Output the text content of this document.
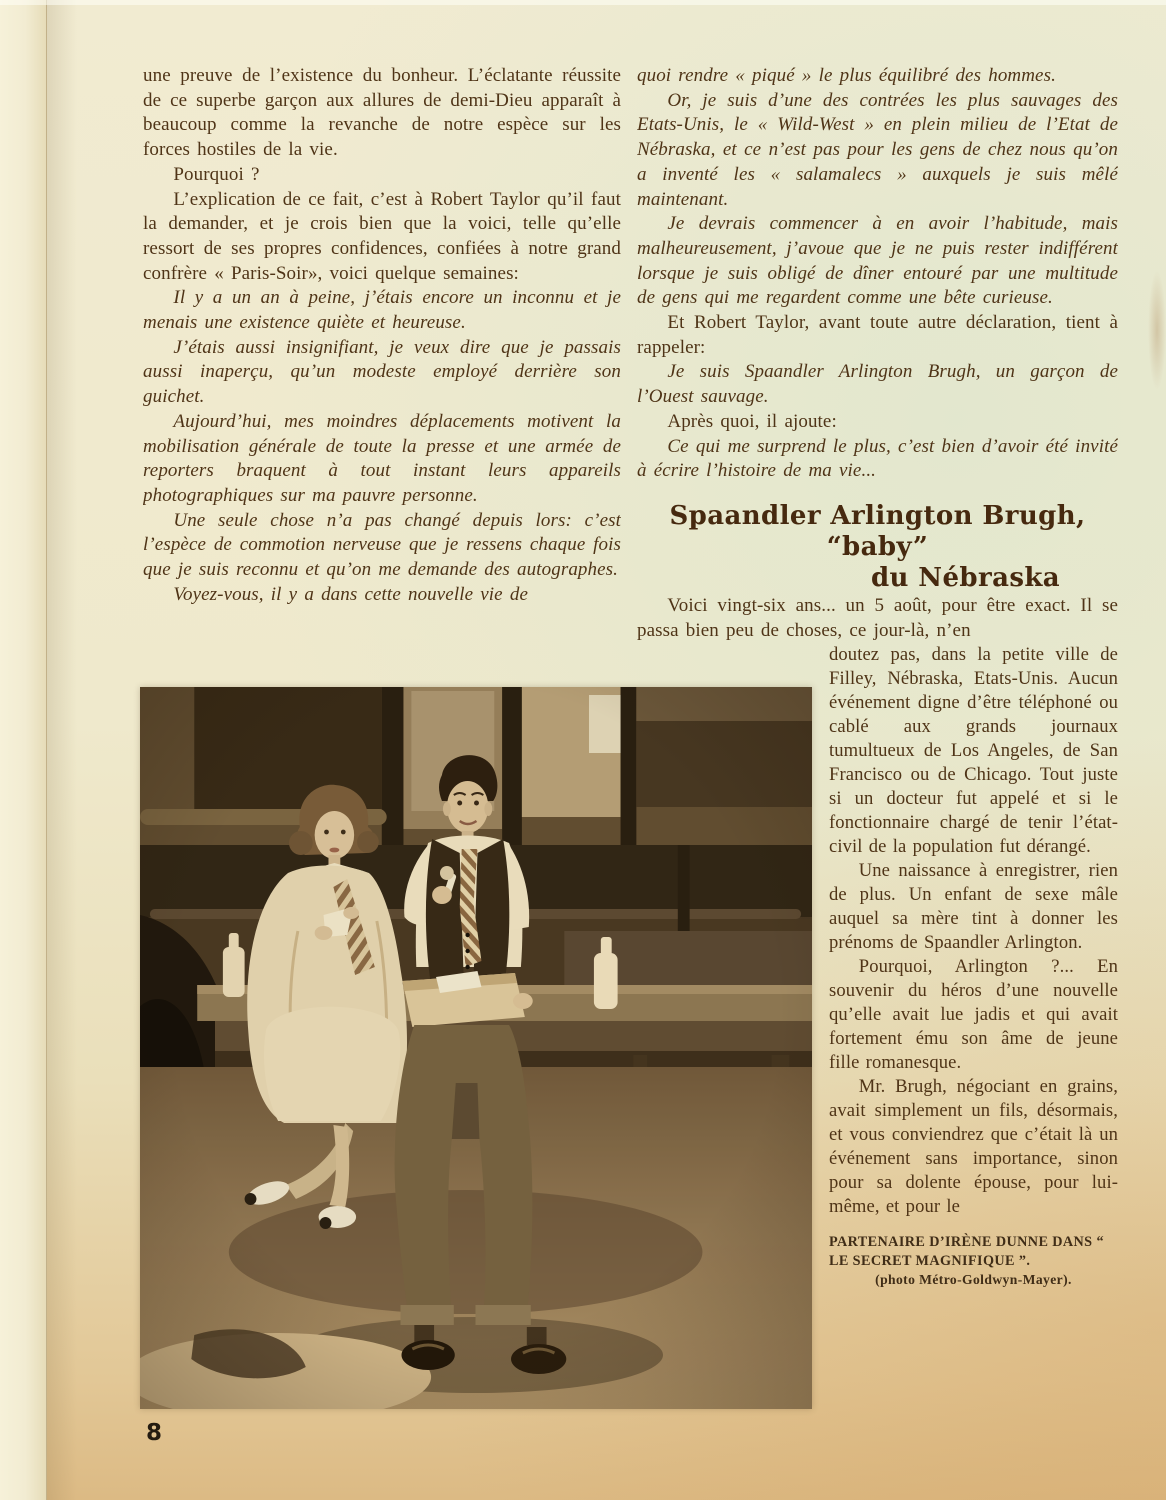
une preuve de l’existence du bonheur. L’éclatante réussite de ce superbe garçon aux allures de demi-Dieu apparaît à beaucoup comme la revanche de notre espèce sur les forces hostiles de la vie.

Pourquoi ?

L’explication de ce fait, c’est à Robert Taylor qu’il faut la demander, et je crois bien que la voici, telle qu’elle ressort de ses propres confidences, confiées à notre grand confrère « Paris-Soir», voici quelque semaines:

Il y a un an à peine, j’étais encore un inconnu et je menais une existence quiète et heureuse.

J’étais aussi insignifiant, je veux dire que je passais aussi inaperçu, qu’un modeste employé derrière son guichet.

Aujourd’hui, mes moindres déplacements motivent la mobilisation générale de toute la presse et une armée de reporters braquent à tout instant leurs appareils photographiques sur ma pauvre personne.

Une seule chose n’a pas changé depuis lors: c’est l’espèce de commotion nerveuse que je ressens chaque fois que je suis reconnu et qu’on me demande des autographes.

Voyez-vous, il y a dans cette nouvelle vie de

quoi rendre « piqué » le plus équilibré des hommes.

Or, je suis d’une des contrées les plus sauvages des Etats-Unis, le « Wild-West » en plein milieu de l’Etat de Nébraska, et ce n’est pas pour les gens de chez nous qu’on a inventé les « salamalecs » auxquels je suis mêlé maintenant.

Je devrais commencer à en avoir l’habitude, mais malheureusement, j’avoue que je ne puis rester indifférent lorsque je suis obligé de dîner entouré par une multitude de gens qui me regardent comme une bête curieuse.

Et Robert Taylor, avant toute autre déclaration, tient à rappeler:

Je suis Spaandler Arlington Brugh, un garçon de l’Ouest sauvage.

Après quoi, il ajoute:

Ce qui me surprend le plus, c’est bien d’avoir été invité à écrire l’histoire de ma vie...

Spaandler Arlington Brugh, “baby”
du Nébraska

Voici vingt-six ans... un 5 août, pour être exact. Il se passa bien peu de choses, ce jour-là, n’en

doutez pas, dans la petite ville de Filley, Nébraska, Etats-Unis. Aucun événement digne d’être téléphoné ou cablé aux grands journaux tumultueux de Los Angeles, de San Francisco ou de Chicago. Tout juste si un docteur fut appelé et si le fonctionnaire chargé de tenir l’état-civil de la population fut dérangé.

Une naissance à enregistrer, rien de plus. Un enfant de sexe mâle auquel sa mère tint à donner les prénoms de Spaandler Arlington.

Pourquoi, Arlington ?... En souvenir du héros d’une nouvelle qu’elle avait lue jadis et qui avait fortement ému son âme de jeune fille romanesque.

Mr. Brugh, négociant en grains, avait simplement un fils, désormais, et vous conviendrez que c’était là un événement sans importance, sinon pour sa dolente épouse, pour lui-même, et pour le

PARTENAIRE D’IRÈNE DUNNE DANS “ LE SECRET MAGNIFIQUE ”.
(photo Métro-Goldwyn-Mayer).
8
